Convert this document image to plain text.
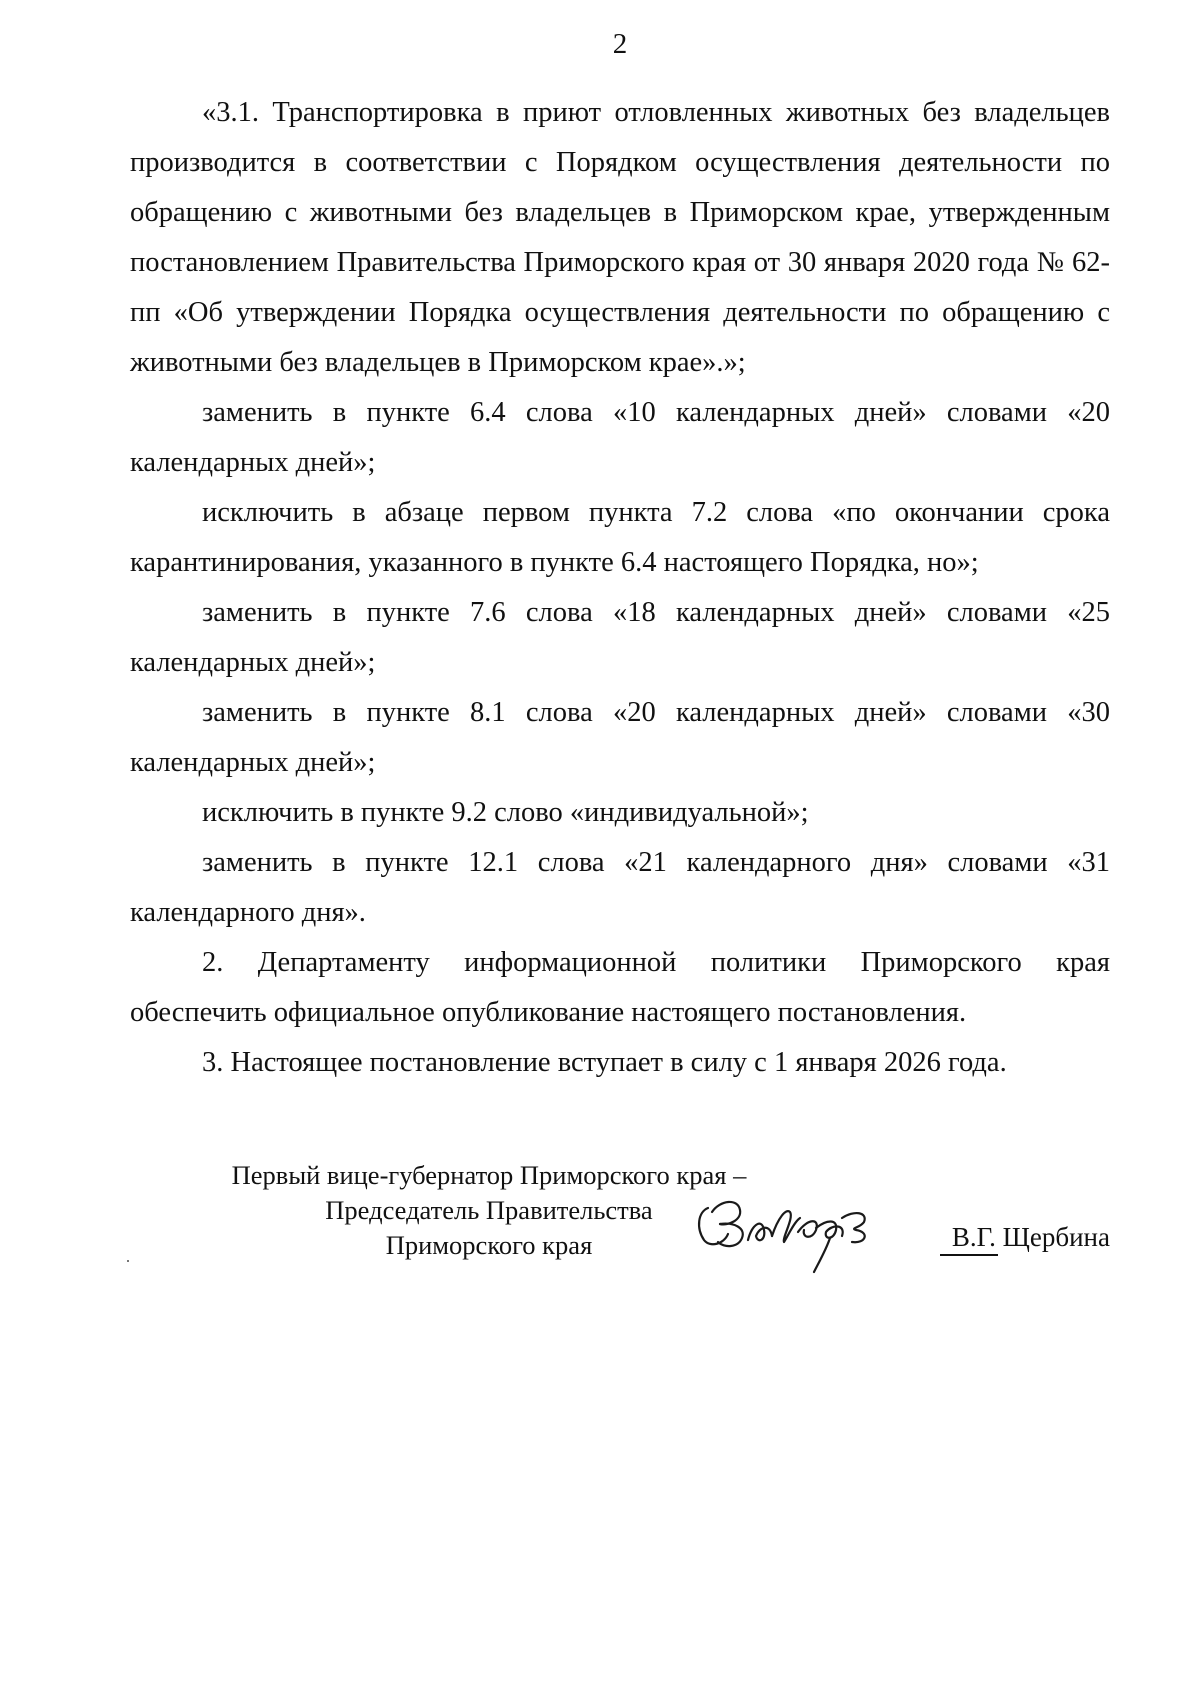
2

«3.1. Транспортировка в приют отловленных животных без владельцев производится в соответствии с Порядком осуществления деятельности по обращению с животными без владельцев в Приморском крае, утвержденным постановлением Правительства Приморского края от 30 января 2020 года № 62-пп «Об утверждении Порядка осуществления деятельности по обращению с животными без владельцев в Приморском крае».»;

заменить в пункте 6.4 слова «10 календарных дней» словами «20 календарных дней»;

исключить в абзаце первом пункта 7.2 слова «по окончании срока карантинирования, указанного в пункте 6.4 настоящего Порядка, но»;

заменить в пункте 7.6 слова «18 календарных дней» словами «25 календарных дней»;

заменить в пункте 8.1 слова «20 календарных дней» словами «30 календарных дней»;

исключить в пункте 9.2 слово «индивидуальной»;

заменить в пункте 12.1 слова «21 календарного дня» словами «31 календарного дня».

2. Департаменту информационной политики Приморского края обеспечить официальное опубликование настоящего постановления.

3. Настоящее постановление вступает в силу с 1 января 2026 года.

Первый вице-губернатор Приморского края –
Председатель Правительства
Приморского края	В.Г. Щербина
